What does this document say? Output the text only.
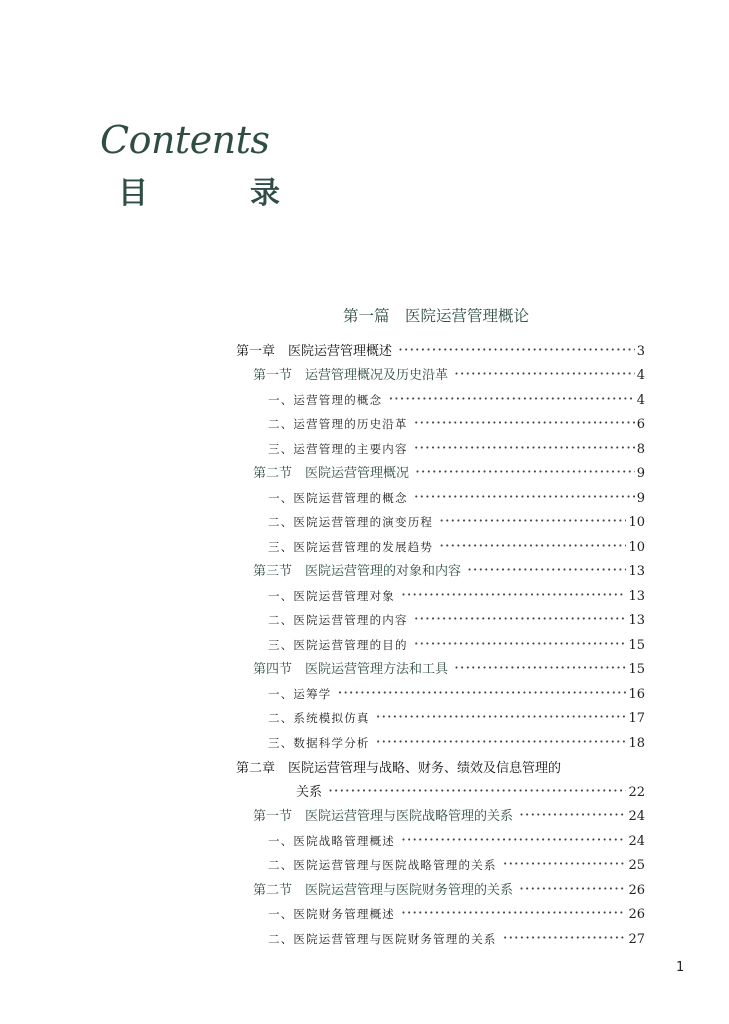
Contents

目　录

第一篇　医院运营管理概论

第一章　医院运营管理概述 ·····	3
第一节　运营管理概况及历史沿革 ·····	4
一、运营管理的概念 ·····	4
二、运营管理的历史沿革 ·····	6
三、运营管理的主要内容 ·····	8
第二节　医院运营管理概况 ·····	9
一、医院运营管理的概念 ·····	9
二、医院运营管理的演变历程 ·····	10
三、医院运营管理的发展趋势 ·····	10
第三节　医院运营管理的对象和内容 ·····	13
一、医院运营管理对象 ·····	13
二、医院运营管理的内容 ·····	13
三、医院运营管理的目的 ·····	15
第四节　医院运营管理方法和工具 ·····	15
一、运筹学 ·····	16
二、系统模拟仿真 ·····	17
三、数据科学分析 ·····	18
第二章　医院运营管理与战略、财务、绩效及信息管理的
关系 ·····	22
第一节　医院运营管理与医院战略管理的关系 ·····	24
一、医院战略管理概述 ·····	24
二、医院运营管理与医院战略管理的关系 ·····	25
第二节　医院运营管理与医院财务管理的关系 ·····	26
一、医院财务管理概述 ·····	26
二、医院运营管理与医院财务管理的关系 ·····	27

1
